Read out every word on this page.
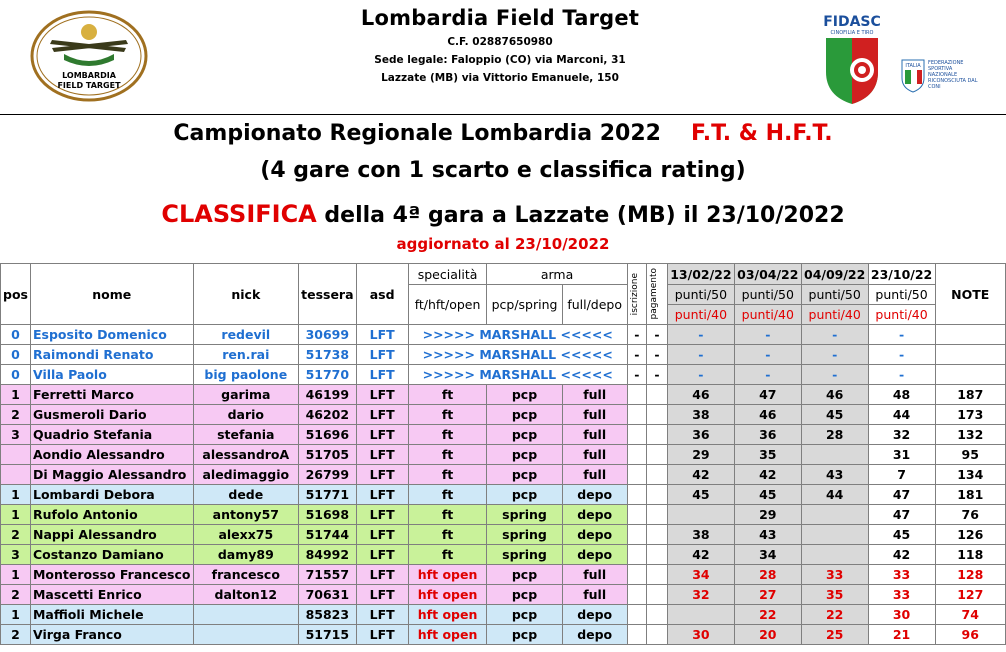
LOMBARDIA
FIELD TARGET
Lombardia Field Target
C.F. 02887650980
Sede legale: Faloppio (CO) via Marconi, 31
Lazzate (MB) via Vittorio Emanuele, 150
FIDASC
CINOFILIA E TIRO
ITALIA FEDERAZIONE SPORTIVA NAZIONALE RICONOSCIUTA DAL CONI
Campionato Regionale Lombardia 2022 F.T. & H.F.T.
(4 gare con 1 scarto e classifica rating)
CLASSIFICA della 4ª gara a Lazzate (MB) il 23/10/2022
aggiornato al 23/10/2022
pos	nome	nick	tessera	asd	specialità	arma		iscrizione	pagamento	13/02/22	03/04/22	04/09/22	23/10/22	NOTE
					ft/hft/open	pcp/spring	full/depo			punti/50	punti/50	punti/50	punti/50	
										punti/40	punti/40	punti/40	punti/40	
0	Esposito Domenico	redevil	30699	LFT	>>>>> MARSHALL <<<<<			-	-	-	-	-	-	
0	Raimondi Renato	ren.rai	51738	LFT	>>>>> MARSHALL <<<<<			-	-	-	-	-	-	
0	Villa Paolo	big paolone	51770	LFT	>>>>> MARSHALL <<<<<			-	-	-	-	-	-	
1	Ferretti Marco	garima	46199	LFT	ft	pcp	full			46	47	46	48	187
2	Gusmeroli Dario	dario	46202	LFT	ft	pcp	full			38	46	45	44	173
3	Quadrio Stefania	stefania	51696	LFT	ft	pcp	full			36	36	28	32	132
	Aondio Alessandro	alessandroA	51705	LFT	ft	pcp	full			29	35		31	95
	Di Maggio Alessandro	aledimaggio	26799	LFT	ft	pcp	full			42	42	43	7	134
1	Lombardi Debora	dede	51771	LFT	ft	pcp	depo			45	45	44	47	181
1	Rufolo Antonio	antony57	51698	LFT	ft	spring	depo				29		47	76
2	Nappi Alessandro	alexx75	51744	LFT	ft	spring	depo			38	43		45	126
3	Costanzo Damiano	damy89	84992	LFT	ft	spring	depo			42	34		42	118
1	Monterosso Francesco	francesco	71557	LFT	hft open	pcp	full			34	28	33	33	128
2	Mascetti Enrico	dalton12	70631	LFT	hft open	pcp	full			32	27	35	33	127
1	Maffioli Michele		85823	LFT	hft open	pcp	depo				22	22	30	74
2	Virga Franco		51715	LFT	hft open	pcp	depo			30	20	25	21	96
